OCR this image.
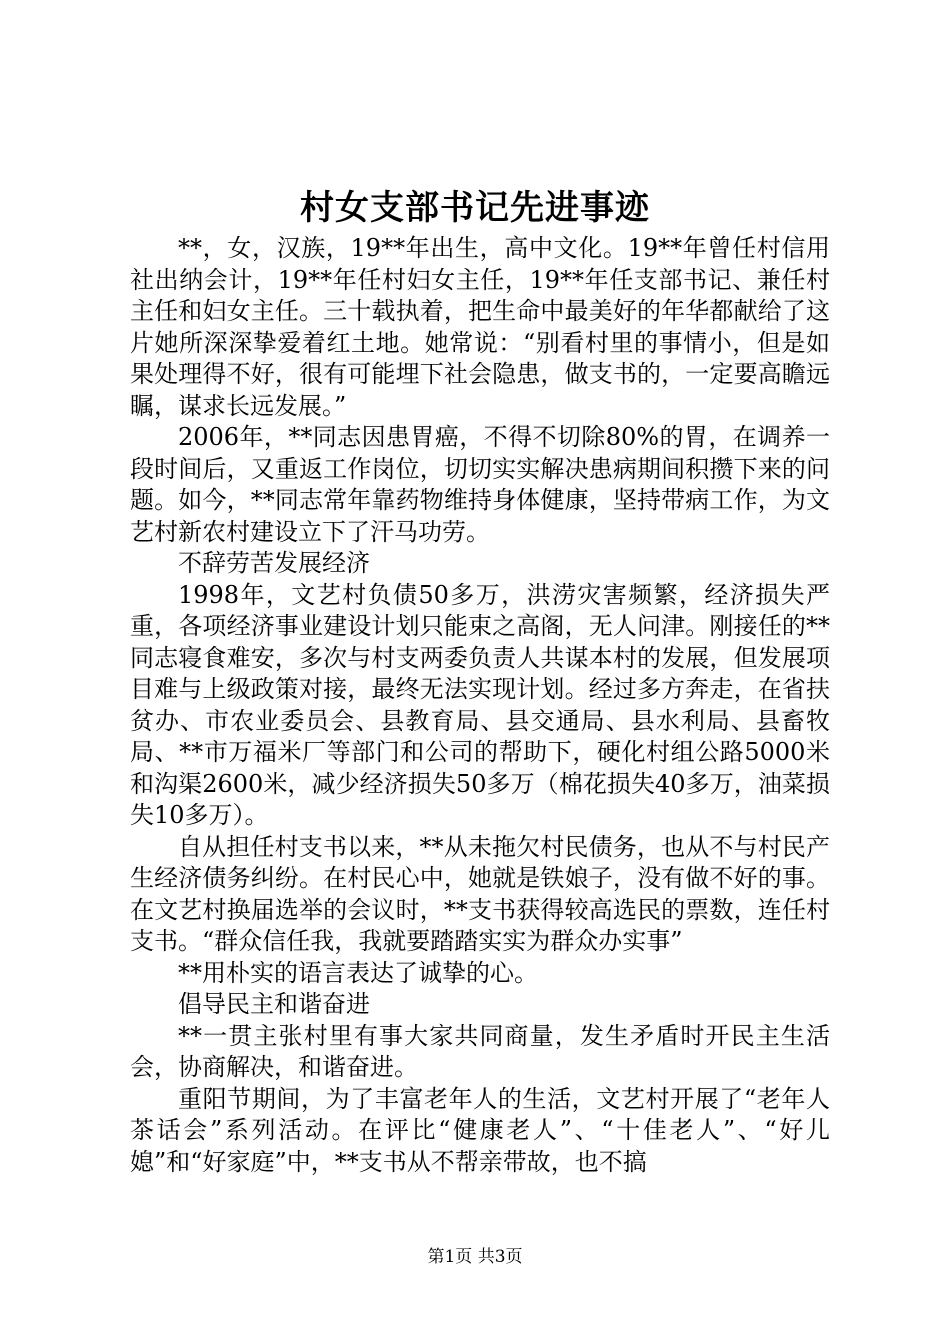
村女支部书记先进事迹

**，女，汉族，19**年出生，高中文化。19**年曾任村信用社出纳会计，19**年任村妇女主任，19**年任支部书记、兼任村主任和妇女主任。三十载执着，把生命中最美好的年华都献给了这片她所深深挚爱着红土地。她常说：“别看村里的事情小，但是如果处理得不好，很有可能埋下社会隐患，做支书的，一定要高瞻远瞩，谋求长远发展。”

2006年，**同志因患胃癌，不得不切除80%的胃，在调养一段时间后，又重返工作岗位，切切实实解决患病期间积攒下来的问题。如今，**同志常年靠药物维持身体健康，坚持带病工作，为文艺村新农村建设立下了汗马功劳。

不辞劳苦发展经济

1998年，文艺村负债50多万，洪涝灾害频繁，经济损失严重，各项经济事业建设计划只能束之高阁，无人问津。刚接任的**同志寝食难安，多次与村支两委负责人共谋本村的发展，但发展项目难与上级政策对接，最终无法实现计划。经过多方奔走，在省扶贫办、市农业委员会、县教育局、县交通局、县水利局、县畜牧局、**市万福米厂等部门和公司的帮助下，硬化村组公路5000米和沟渠2600米，减少经济损失50多万（棉花损失40多万，油菜损失10多万）。

自从担任村支书以来，**从未拖欠村民债务，也从不与村民产生经济债务纠纷。在村民心中，她就是铁娘子，没有做不好的事。在文艺村换届选举的会议时，**支书获得较高选民的票数，连任村支书。“群众信任我，我就要踏踏实实为群众办实事”

**用朴实的语言表达了诚挚的心。

倡导民主和谐奋进

**一贯主张村里有事大家共同商量，发生矛盾时开民主生活会，协商解决，和谐奋进。

重阳节期间，为了丰富老年人的生活，文艺村开展了“老年人茶话会”系列活动。在评比“健康老人”、“十佳老人”、“好儿媳”和“好家庭”中，**支书从不帮亲带故，也不搞

第1页 共3页
